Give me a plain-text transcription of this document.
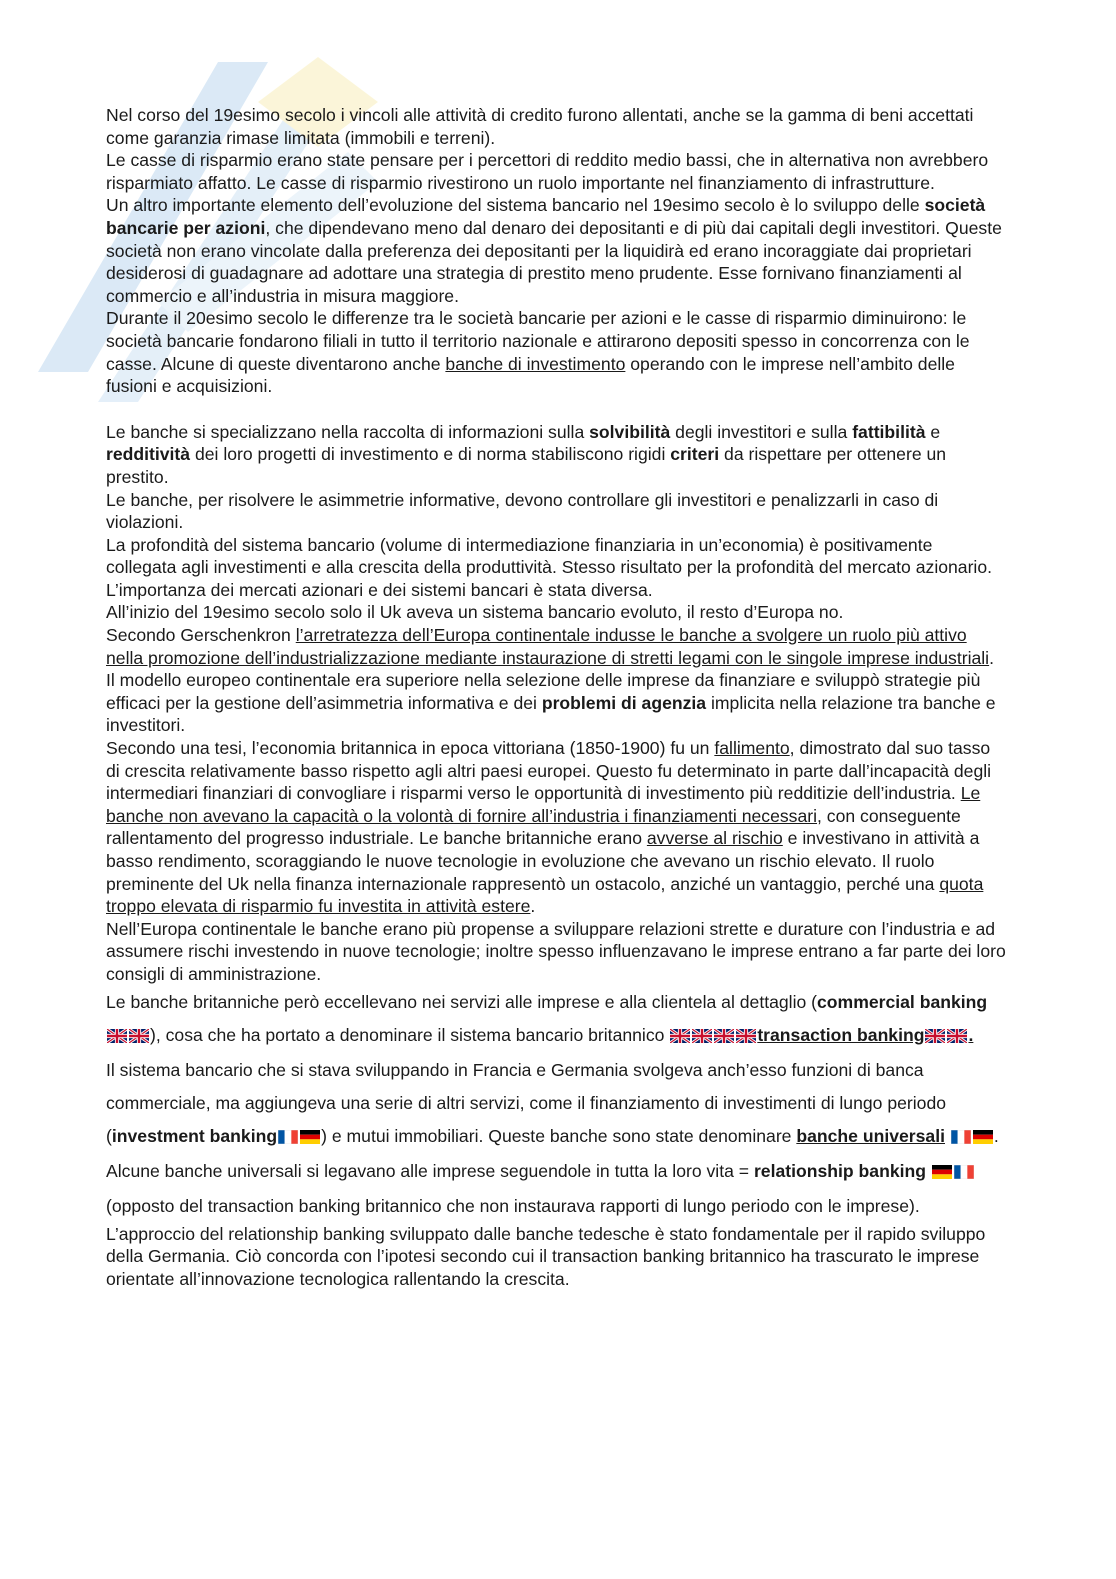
Nel corso del 19esimo secolo i vincoli alle attività di credito furono allentati, anche se la gamma di beni accettati come garanzia rimase limitata (immobili e terreni).

Le casse di risparmio erano state pensare per i percettori di reddito medio bassi, che in alternativa non avrebbero risparmiato affatto. Le casse di risparmio rivestirono un ruolo importante nel finanziamento di infrastrutture.

Un altro importante elemento dell’evoluzione del sistema bancario nel 19esimo secolo è lo sviluppo delle società bancarie per azioni, che dipendevano meno dal denaro dei depositanti e di più dai capitali degli investitori. Queste società non erano vincolate dalla preferenza dei depositanti per la liquidirà ed erano incoraggiate dai proprietari desiderosi di guadagnare ad adottare una strategia di prestito meno prudente. Esse fornivano finanziamenti al commercio e all’industria in misura maggiore.

Durante il 20esimo secolo le differenze tra le società bancarie per azioni e le casse di risparmio diminuirono: le società bancarie fondarono filiali in tutto il territorio nazionale e attirarono depositi spesso in concorrenza con le casse. Alcune di queste diventarono anche banche di investimento operando con le imprese nell’ambito delle fusioni e acquisizioni.

Le banche si specializzano nella raccolta di informazioni sulla solvibilità degli investitori e sulla fattibilità e redditività dei loro progetti di investimento e di norma stabiliscono rigidi criteri da rispettare per ottenere un prestito.

Le banche, per risolvere le asimmetrie informative, devono controllare gli investitori e penalizzarli in caso di violazioni.

La profondità del sistema bancario (volume di intermediazione finanziaria in un’economia) è positivamente collegata agli investimenti e alla crescita della produttività. Stesso risultato per la profondità del mercato azionario.

L’importanza dei mercati azionari e dei sistemi bancari è stata diversa.

All’inizio del 19esimo secolo solo il Uk aveva un sistema bancario evoluto, il resto d’Europa no.

Secondo Gerschenkron l’arretratezza dell’Europa continentale indusse le banche a svolgere un ruolo più attivo nella promozione dell’industrializzazione mediante instaurazione di stretti legami con le singole imprese industriali. Il modello europeo continentale era superiore nella selezione delle imprese da finanziare e sviluppò strategie più efficaci per la gestione dell’asimmetria informativa e dei problemi di agenzia implicita nella relazione tra banche e investitori.

Secondo una tesi, l’economia britannica in epoca vittoriana (1850-1900) fu un fallimento, dimostrato dal suo tasso di crescita relativamente basso rispetto agli altri paesi europei. Questo fu determinato in parte dall’incapacità degli intermediari finanziari di convogliare i risparmi verso le opportunità di investimento più redditizie dell’industria. Le banche non avevano la capacità o la volontà di fornire all’industria i finanziamenti necessari, con conseguente rallentamento del progresso industriale. Le banche britanniche erano avverse al rischio e investivano in attività a basso rendimento, scoraggiando le nuove tecnologie in evoluzione che avevano un rischio elevato. Il ruolo preminente del Uk nella finanza internazionale rappresentò un ostacolo, anziché un vantaggio, perché una quota troppo elevata di risparmio fu investita in attività estere.

Nell’Europa continentale le banche erano più propense a sviluppare relazioni strette e durature con l’industria e ad assumere rischi investendo in nuove tecnologie; inoltre spesso influenzavano le imprese entrano a far parte dei loro consigli di amministrazione.

Le banche britanniche però eccellevano nei servizi alle imprese e alla clientela al dettaglio (commercial banking), cosa che ha portato a denominare il sistema bancario britannico	transaction banking	.

Il sistema bancario che si stava sviluppando in Francia e Germania svolgeva anch’esso funzioni di banca commerciale, ma aggiungeva una serie di altri servizi, come il finanziamento di investimenti di lungo periodo (investment banking	) e mutui immobiliari. Queste banche sono state denominare banche universali	.

Alcune banche universali si legavano alle imprese seguendole in tutta la loro vita = relationship banking (opposto del transaction banking britannico che non instaurava rapporti di lungo periodo con le imprese).

L’approccio del relationship banking sviluppato dalle banche tedesche è stato fondamentale per il rapido sviluppo della Germania. Ciò concorda con l’ipotesi secondo cui il transaction banking britannico ha trascurato le imprese orientate all’innovazione tecnologica rallentando la crescita.
